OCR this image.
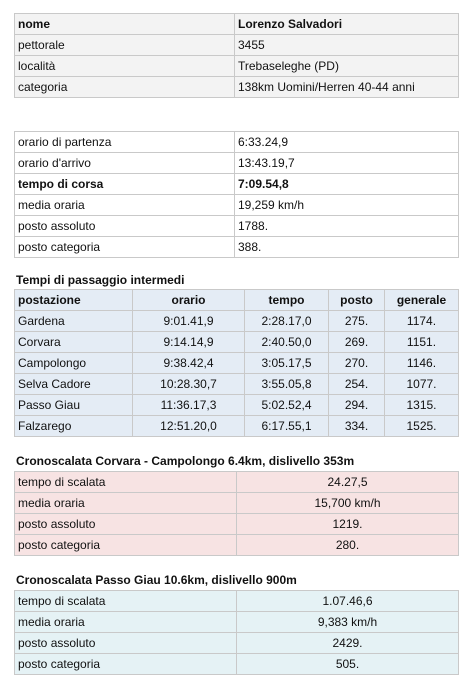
nome	Lorenzo Salvadori
pettorale	3455
località	Trebaseleghe (PD)
categoria	138km Uomini/Herren 40-44 anni
orario di partenza	6:33.24,9
orario d'arrivo	13:43.19,7
tempo di corsa	7:09.54,8
media oraria	19,259 km/h
posto assoluto	1788.
posto categoria	388.
Tempi di passaggio intermedi
postazione	orario	tempo	posto	generale
Gardena	9:01.41,9	2:28.17,0	275.	1174.
Corvara	9:14.14,9	2:40.50,0	269.	1151.
Campolongo	9:38.42,4	3:05.17,5	270.	1146.
Selva Cadore	10:28.30,7	3:55.05,8	254.	1077.
Passo Giau	11:36.17,3	5:02.52,4	294.	1315.
Falzarego	12:51.20,0	6:17.55,1	334.	1525.
Cronoscalata Corvara - Campolongo 6.4km, dislivello 353m
tempo di scalata	24.27,5
media oraria	15,700 km/h
posto assoluto	1219.
posto categoria	280.
Cronoscalata Passo Giau 10.6km, dislivello 900m
tempo di scalata	1.07.46,6
media oraria	9,383 km/h
posto assoluto	2429.
posto categoria	505.
